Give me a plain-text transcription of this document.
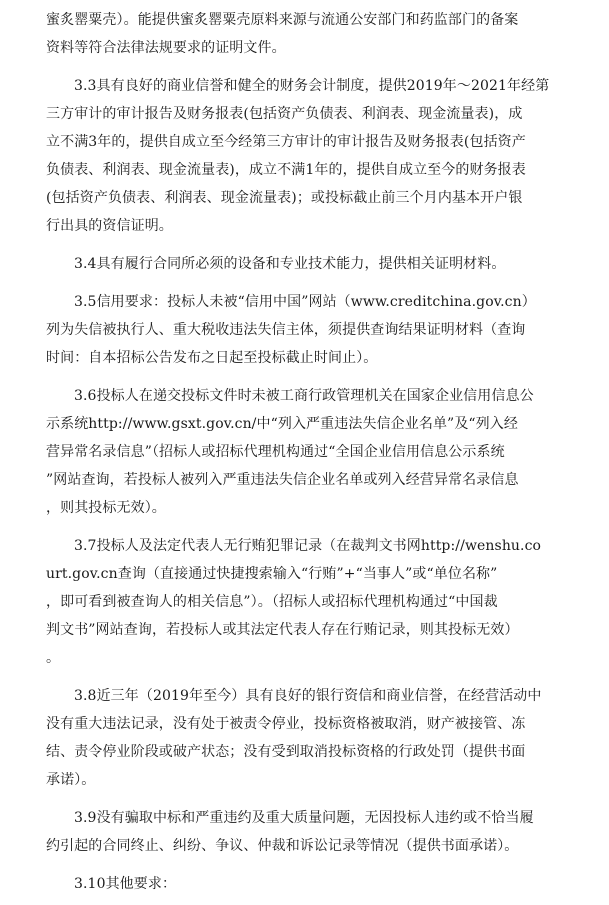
蜜炙罂粟壳）。能提供蜜炙罂粟壳原料来源与流通公安部门和药监部门的备案
资料等符合法律法规要求的证明文件。
3.3具有良好的商业信誉和健全的财务会计制度，提供2019年～2021年经第
三方审计的审计报告及财务报表(包括资产负债表、利润表、现金流量表)，成
立不满3年的，提供自成立至今经第三方审计的审计报告及财务报表(包括资产
负债表、利润表、现金流量表)，成立不满1年的，提供自成立至今的财务报表
(包括资产负债表、利润表、现金流量表)；或投标截止前三个月内基本开户银
行出具的资信证明。
3.4具有履行合同所必须的设备和专业技术能力，提供相关证明材料。
3.5信用要求：投标人未被“信用中国”网站（www.creditchina.gov.cn）
列为失信被执行人、重大税收违法失信主体，须提供查询结果证明材料（查询
时间：自本招标公告发布之日起至投标截止时间止）。
3.6投标人在递交投标文件时未被工商行政管理机关在国家企业信用信息公
示系统http://www.gsxt.gov.cn/中“列入严重违法失信企业名单”及“列入经
营异常名录信息”（招标人或招标代理机构通过“全国企业信用信息公示系统
”网站查询，若投标人被列入严重违法失信企业名单或列入经营异常名录信息
，则其投标无效）。
3.7投标人及法定代表人无行贿犯罪记录（在裁判文书网http://wenshu.co
urt.gov.cn查询（直接通过快捷搜索输入“行贿”+“当事人”或“单位名称”
，即可看到被查询人的相关信息”）。（招标人或招标代理机构通过“中国裁
判文书”网站查询，若投标人或其法定代表人存在行贿记录，则其投标无效）
。
3.8近三年（2019年至今）具有良好的银行资信和商业信誉，在经营活动中
没有重大违法记录，没有处于被责令停业，投标资格被取消，财产被接管、冻
结、责令停业阶段或破产状态；没有受到取消投标资格的行政处罚（提供书面
承诺）。
3.9没有骗取中标和严重违约及重大质量问题，无因投标人违约或不恰当履
约引起的合同终止、纠纷、争议、仲裁和诉讼记录等情况（提供书面承诺）。
3.10其他要求：
